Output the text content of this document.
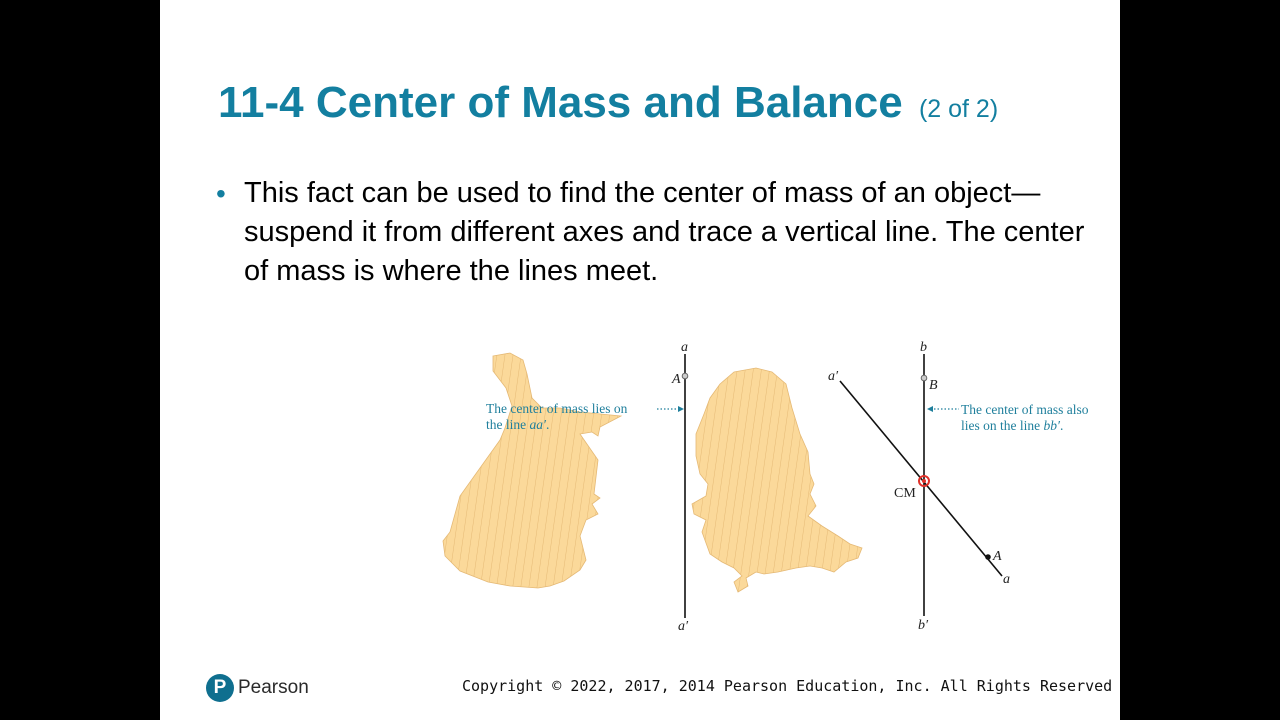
11-4 Center of Mass and Balance (2 of 2)
• This fact can be used to find the center of mass of an object—suspend it from different axes and trace a vertical line. The center of mass is where the lines meet.
a
a′
A
The center of mass lies on
the line aa′.
b
b′
a′
a
B
A
CM
The center of mass also
lies on the line bb′.
P Pearson	Copyright © 2022, 2017, 2014 Pearson Education, Inc. All Rights Reserved
